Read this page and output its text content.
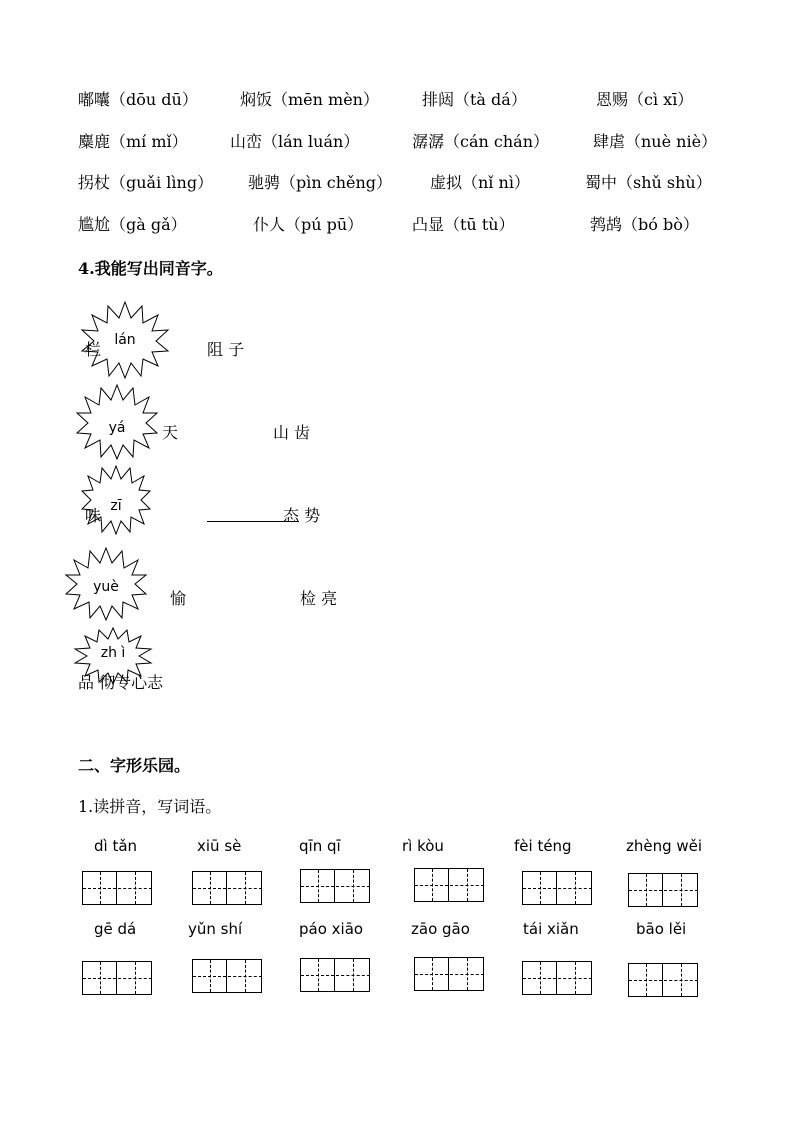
嘟囔（dōu dū）	焖饭（mēn mèn）	排闼（tà dá）	恩赐（cì xī）
麋鹿（mí mǐ）	山峦（lán luán）	潺潺（cán chán）	肆虐（nuè niè）
拐杖（guǎi lìng） 驰骋（pìn chěng） 虚拟（nǐ nì）	蜀中（shǔ shù）
尴尬（gà gǎ）	仆人（pú pū）	凸显（tū tù）	鹁鸪（bó bò）
4.我能写出同音字。
lán
栏	阻 子
yá	天	山 齿
zī
味	态 势
yuè
愉	检 亮
zh ì
品 彻专心志
二、字形乐园。
1.读拼音，写词语。
dì tǎn	xiū sè	qīn qī	rì kòu	fèi téng	zhèng wěi
gē dá	yǔn shí	páo xiāo	zāo gāo	tái xiǎn	bāo lěi
